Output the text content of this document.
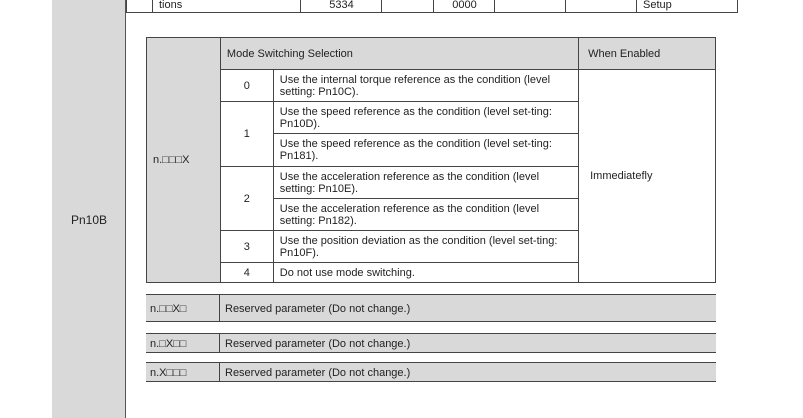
Pn10B
tions	5334	0000	Setup
n.□□□X	Mode Switching Selection		When Enabled
	0	Use the internal torque reference as the condition (level setting: Pn10C).	Immediatefly
	1	Use the speed reference as the condition (level set-ting: Pn10D).	
		Use the speed reference as the condition (level set-ting: Pn181).	
	2	Use the acceleration reference as the condition (level setting: Pn10E).	
		Use the acceleration reference as the condition (level setting: Pn182).	
	3	Use the position deviation as the condition (level set-ting: Pn10F).	
	4	Do not use mode switching.	
n.□□X□	Reserved parameter (Do not change.)
n.□X□□	Reserved parameter (Do not change.)
n.X□□□	Reserved parameter (Do not change.)
